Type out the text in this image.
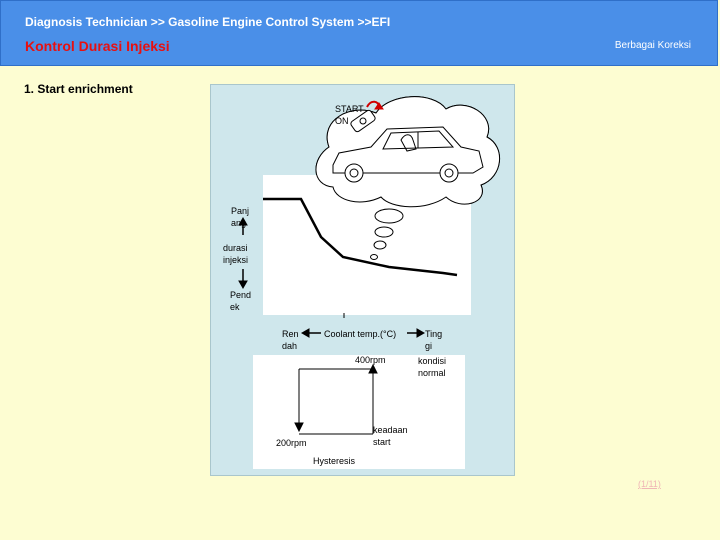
Diagnosis Technician >> Gasoline Engine Control System >>EFI
Kontrol Durasi Injeksi	Berbagai Koreksi
1. Start enrichment
START
ON
Panj
ang
durasi
injeksi
Pend
ek
Ren
dah
Coolant temp.(°C)	Ting
gi
400rpm	kondisi
normal
keadaan
start
200rpm
Hysteresis
(1/11)
